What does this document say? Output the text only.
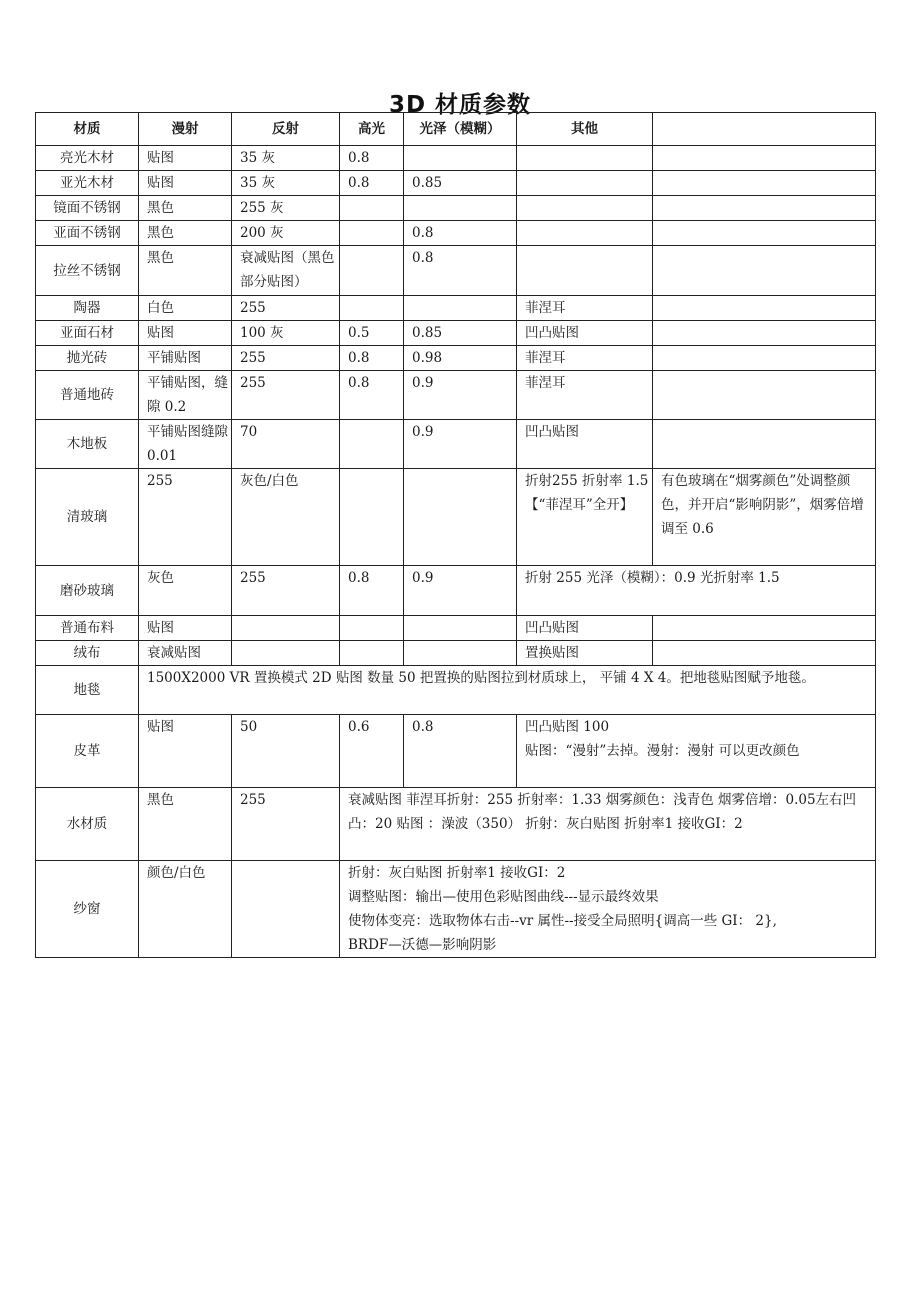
3D 材质参数
材质	漫射	反射	高光	光泽（模糊）	其他	
亮光木材	贴图	35 灰	0.8			
亚光木材	贴图	35 灰	0.8	0.85		
镜面不锈钢	黑色	255 灰				
亚面不锈钢	黑色	200 灰		0.8		
拉丝不锈钢	黑色	衰减贴图（黑色部分贴图）		0.8		
陶器	白色	255			菲涅耳	
亚面石材	贴图	100 灰	0.5	0.85	凹凸贴图	
抛光砖	平铺贴图	255	0.8	0.98	菲涅耳	
普通地砖	平铺贴图，缝隙 0.2	255	0.8	0.9	菲涅耳	
木地板	平铺贴图缝隙 0.01	70		0.9	凹凸贴图	
清玻璃	255	灰色/白色			折射255 折射率 1.5【“菲涅耳”全开】	有色玻璃在“烟雾颜色”处调整颜色，并开启“影响阴影”，烟雾倍增调至 0.6
磨砂玻璃	灰色	255	0.8	0.9	折射 255 光泽（模糊）：0.9 光折射率 1.5	
普通布料	贴图				凹凸贴图	
绒布	衰减贴图				置换贴图	
地毯	1500X2000 VR 置换模式 2D 贴图 数量 50 把置换的贴图拉到材质球上， 平铺 4 X 4。把地毯贴图赋予地毯。					
皮革	贴图	50	0.6	0.8	凹凸贴图 100
贴图：“漫射”去掉。漫射：漫射 可以更改颜色	

水材质	黑色	255	衰减贴图 菲涅耳折射：255 折射率：1.33 烟雾颜色：浅青色 烟雾倍增：0.05左右凹凸：20 贴图 ：澡波（350） 折射：灰白贴图 折射率1 接收GI：2			
纱窗	颜色/白色		折射：灰白贴图 折射率1 接收GI：2
调整贴图：输出—使用色彩贴图曲线---显示最终效果
使物体变亮：选取物体右击--vr 属性--接受全局照明{调高一些 GI： 2},
BRDF—沃德—影响阴影			
